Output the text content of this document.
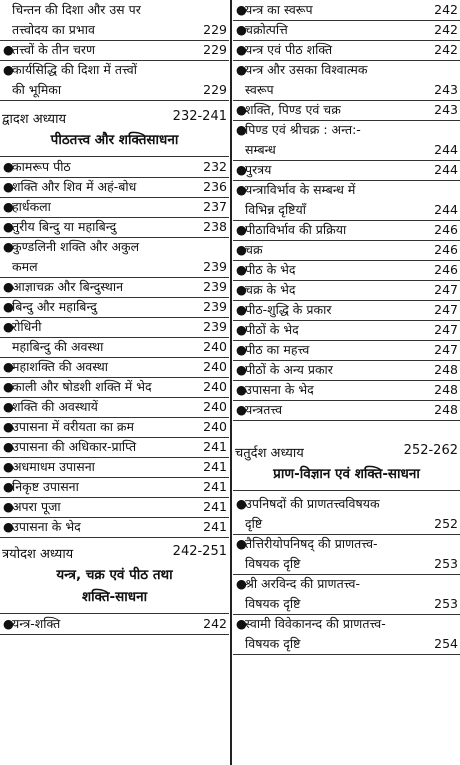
चिन्तन की दिशा और उस पर
तत्त्वोदय का प्रभाव	229
●
तत्त्वों के तीन चरण	229
●
कार्यसिद्धि की दिशा में तत्त्वों
की भूमिका	229
द्वादश अध्याय	232-241
पीठतत्त्व और शक्तिसाधना
●
कामरूप पीठ	232
●
शक्ति और शिव में अहं-बोध	236
●
हार्धकला	237
●
तुरीय बिन्दु या महाबिन्दु	238
●
कुण्डलिनी शक्ति और अकुल
कमल	239
●
आज्ञाचक्र और बिन्दुस्थान	239
●
बिन्दु और महाबिन्दु	239
●
रोधिनी	239
महाबिन्दु की अवस्था	240
●
महाशक्ति की अवस्था	240
●
काली और षोडशी शक्ति में भेद	240
●
शक्ति की अवस्थायें	240
●
उपासना में वरीयता का क्रम	240
●
उपासना की अधिकार-प्राप्ति	241
●
अधमाधम उपासना	241
●
निकृष्ट उपासना	241
●
अपरा पूजा	241
●
उपासना के भेद	241
त्रयोदश अध्याय	242-251
यन्त्र, चक्र एवं पीठ तथा
शक्ति-साधना
●
यन्त्र-शक्ति	242
●
यन्त्र का स्वरूप	242
●
चक्रोत्पत्ति	242
●
यन्त्र एवं पीठ शक्ति	242
●
यन्त्र और उसका विश्वात्मक
स्वरूप	243
●
शक्ति, पिण्ड एवं चक्र	243
●
पिण्ड एवं श्रीचक्र : अन्त:-
सम्बन्ध	244
●
पुरत्रय	244
●
यन्त्राविर्भाव के सम्बन्ध में
विभिन्न दृष्टियाँ	244
●
पीठाविर्भाव की प्रक्रिया	246
●
चक्र	246
●
पीठ के भेद	246
●
चक्र के भेद	247
●
पीठ-शुद्धि के प्रकार	247
●
पीठों के भेद	247
●
पीठ का महत्त्व	247
●
पीठों के अन्य प्रकार	248
●
उपासना के भेद	248
●
यन्त्रतत्त्व	248
चतुर्दश अध्याय	252-262
प्राण-विज्ञान एवं शक्ति-साधना
●
उपनिषदों की प्राणतत्त्वविषयक
दृष्टि	252
●
तैत्तिरीयोपनिषद् की प्राणतत्त्व-
विषयक दृष्टि	253
●
श्री अरविन्द की प्राणतत्त्व-
विषयक दृष्टि	253
●
स्वामी विवेकानन्द की प्राणतत्त्व-
विषयक दृष्टि	254
